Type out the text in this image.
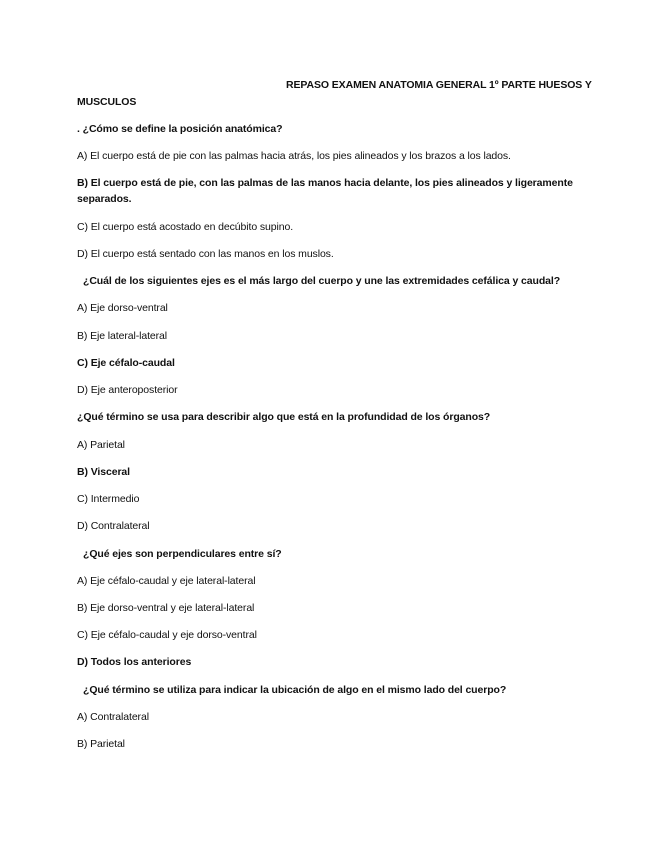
REPASO EXAMEN ANATOMIA GENERAL 1º PARTE HUESOS Y
MUSCULOS
. ¿Cómo se define la posición anatómica?
A) El cuerpo está de pie con las palmas hacia atrás, los pies alineados y los brazos a los lados.
B) El cuerpo está de pie, con las palmas de las manos hacia delante, los pies alineados y ligeramente separados.
C) El cuerpo está acostado en decúbito supino.
D) El cuerpo está sentado con las manos en los muslos.
¿Cuál de los siguientes ejes es el más largo del cuerpo y une las extremidades cefálica y caudal?
A) Eje dorso-ventral
B) Eje lateral-lateral
C) Eje céfalo-caudal
D) Eje anteroposterior
¿Qué término se usa para describir algo que está en la profundidad de los órganos?
A) Parietal
B) Visceral
C) Intermedio
D) Contralateral
¿Qué ejes son perpendiculares entre sí?
A) Eje céfalo-caudal y eje lateral-lateral
B) Eje dorso-ventral y eje lateral-lateral
C) Eje céfalo-caudal y eje dorso-ventral
D) Todos los anteriores
¿Qué término se utiliza para indicar la ubicación de algo en el mismo lado del cuerpo?
A) Contralateral
B) Parietal
